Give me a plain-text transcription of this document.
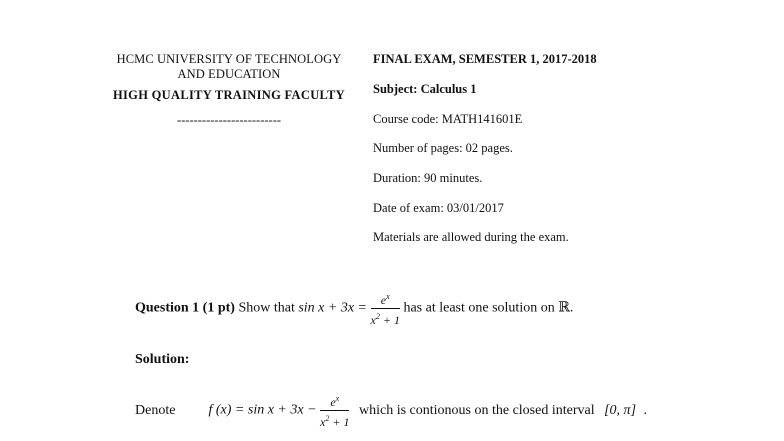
HCMC UNIVERSITY OF TECHNOLOGY
AND EDUCATION
HIGH QUALITY TRAINING FACULTY
-------------------------
FINAL EXAM, SEMESTER 1, 2017-2018
Subject: Calculus 1
Course code: MATH141601E
Number of pages: 02 pages.
Duration: 90 minutes.
Date of exam: 03/01/2017
Materials are allowed during the exam.
Question 1 (1 pt) Show that $\sin x + 3x = \frac{e^x}{x^2 + 1}$ has at least one solution on ℝ.
Solution:
Denote f $(x) = \sin x + 3x - \frac{e^x}{x^2 + 1}$ which is contionous on the closed interval [0, π] .
